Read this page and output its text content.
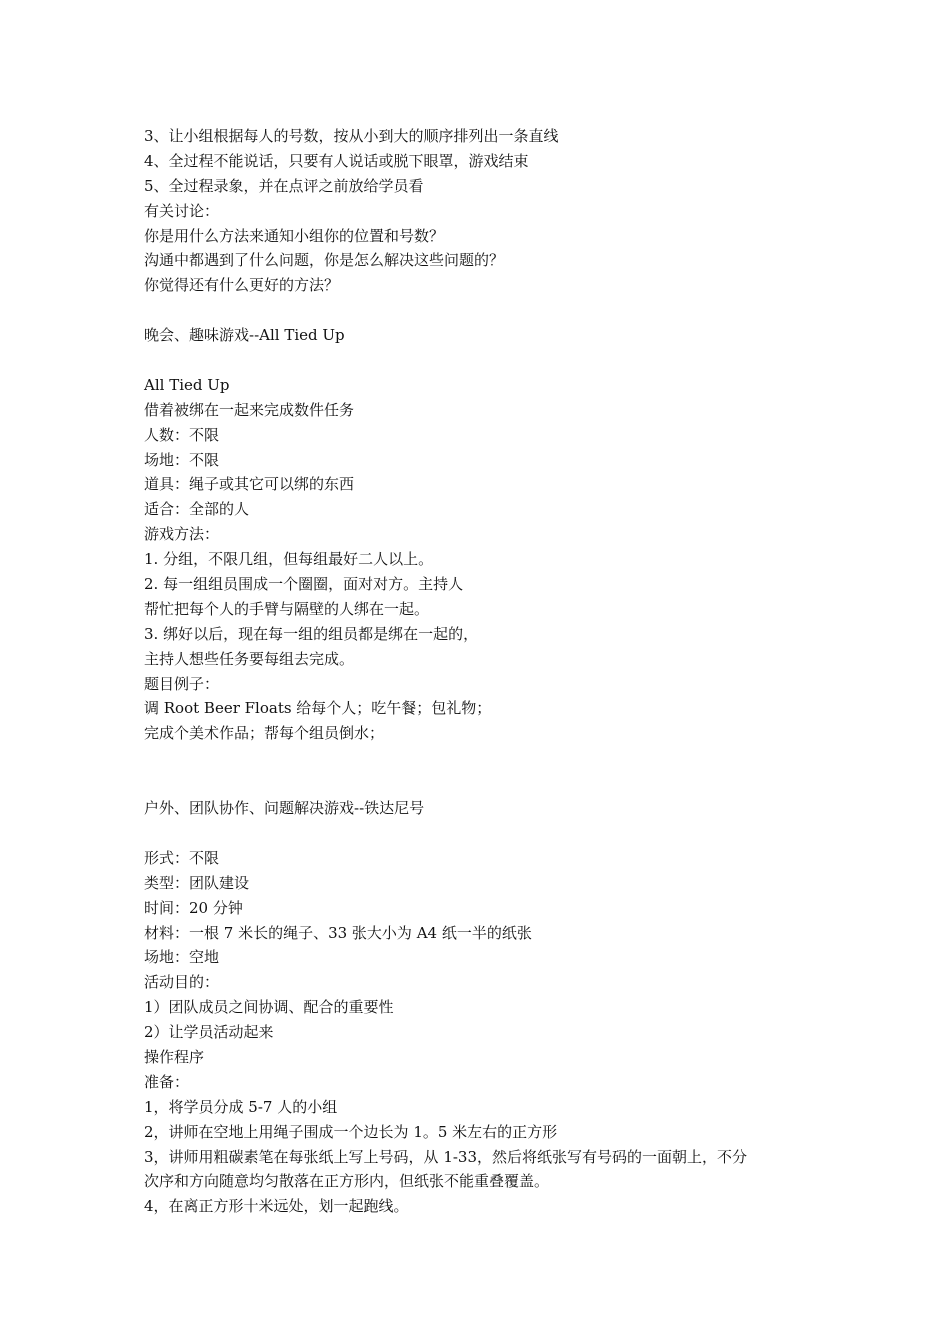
3、让小组根据每人的号数，按从小到大的顺序排列出一条直线
4、全过程不能说话，只要有人说话或脱下眼罩，游戏结束
5、全过程录象，并在点评之前放给学员看
有关讨论：
你是用什么方法来通知小组你的位置和号数？
沟通中都遇到了什么问题，你是怎么解决这些问题的？
你觉得还有什么更好的方法？
晚会、趣味游戏--All Tied Up
All Tied Up
借着被绑在一起来完成数件任务
人数：不限
场地：不限
道具：绳子或其它可以绑的东西
适合：全部的人
游戏方法：
1. 分组，不限几组，但每组最好二人以上。
2. 每一组组员围成一个圈圈，面对对方。主持人
帮忙把每个人的手臂与隔壁的人绑在一起。
3. 绑好以后，现在每一组的组员都是绑在一起的，
主持人想些任务要每组去完成。
题目例子：
调 Root Beer Floats 给每个人；吃午餐；包礼物；
完成个美术作品；帮每个组员倒水；
户外、团队协作、问题解决游戏--铁达尼号
形式：不限
类型：团队建设
时间：20 分钟
材料：一根 7 米长的绳子、33 张大小为 A4 纸一半的纸张
场地：空地
活动目的：
1）团队成员之间协调、配合的重要性
2）让学员活动起来
操作程序
准备：
1，将学员分成 5-7 人的小组
2，讲师在空地上用绳子围成一个边长为 1。5 米左右的正方形
3，讲师用粗碳素笔在每张纸上写上号码，从 1-33，然后将纸张写有号码的一面朝上，不分
次序和方向随意均匀散落在正方形内，但纸张不能重叠覆盖。
4，在离正方形十米远处，划一起跑线。
